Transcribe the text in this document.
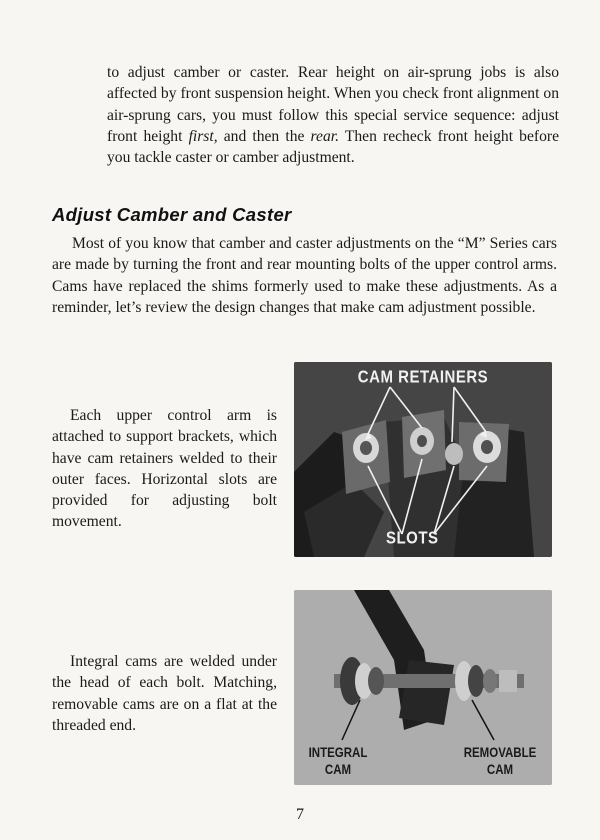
to adjust camber or caster. Rear height on air-sprung jobs is also affected by front suspension height. When you check front alignment on air-sprung cars, you must follow this special service sequence: adjust front height first, and then the rear. Then recheck front height before you tackle caster or camber adjustment.

Adjust Camber and Caster

Most of you know that camber and caster adjustments on the “M” Series cars are made by turning the front and rear mounting bolts of the upper control arms. Cams have replaced the shims formerly used to make these adjustments. As a reminder, let’s review the design changes that make cam adjustment possible.

Each upper control arm is attached to support brackets, which have cam retainers welded to their outer faces. Horizontal slots are provided for adjusting bolt movement.

CAM RETAINERS
SLOTS

Integral cams are welded under the head of each bolt. Matching, removable cams are on a flat at the threaded end.

INTEGRAL
CAM
REMOVABLE
CAM
7
